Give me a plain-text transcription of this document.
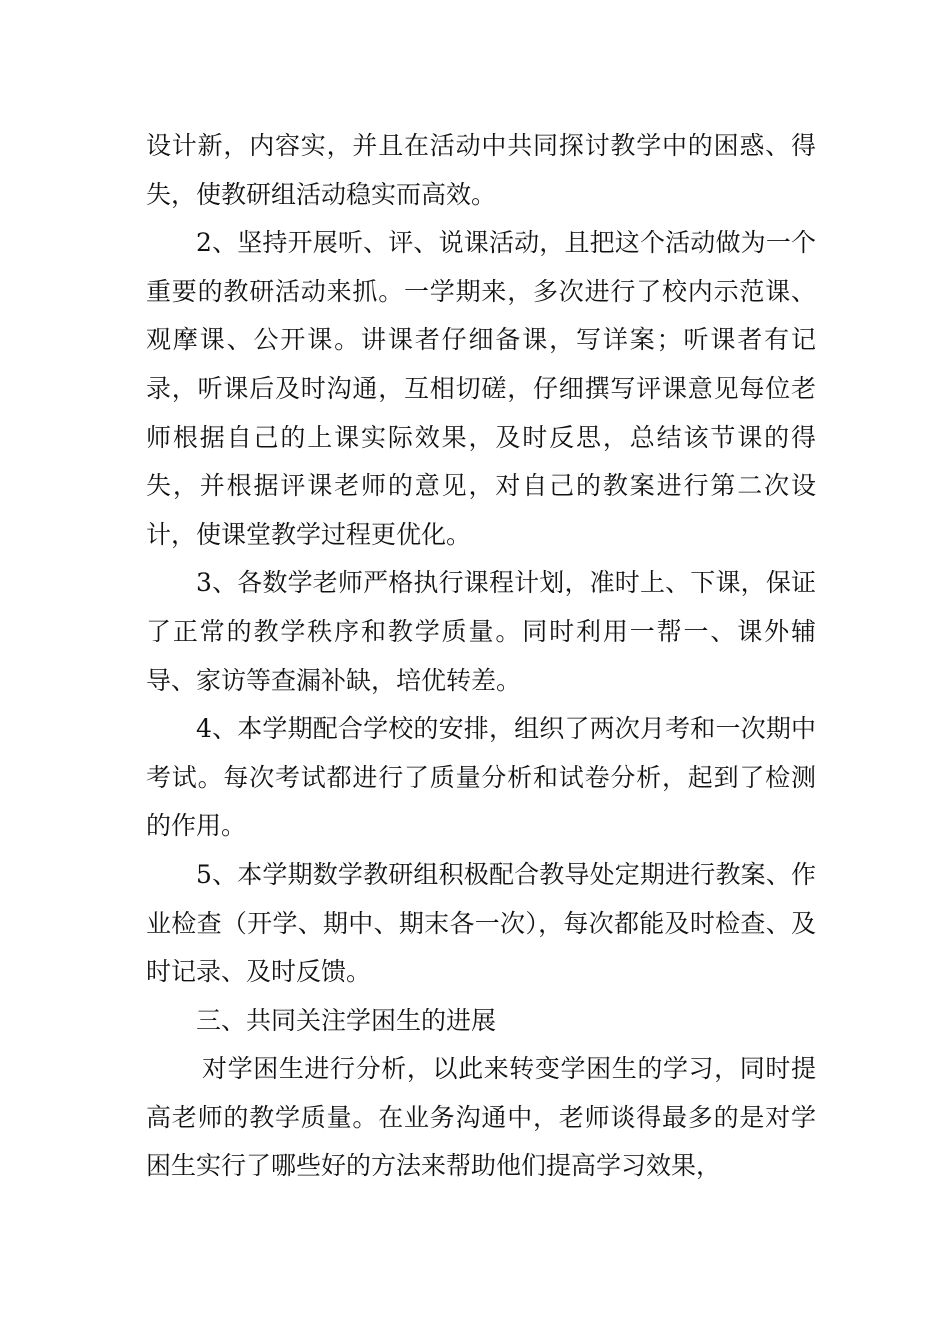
设计新，内容实，并且在活动中共同探讨教学中的困惑、得失，使教研组活动稳实而高效。

2、坚持开展听、评、说课活动，且把这个活动做为一个重要的教研活动来抓。一学期来，多次进行了校内示范课、观摩课、公开课。讲课者仔细备课，写详案；听课者有记录，听课后及时沟通，互相切磋，仔细撰写评课意见每位老师根据自己的上课实际效果，及时反思，总结该节课的得失，并根据评课老师的意见，对自己的教案进行第二次设计，使课堂教学过程更优化。

3、各数学老师严格执行课程计划，准时上、下课，保证了正常的教学秩序和教学质量。同时利用一帮一、课外辅导、家访等查漏补缺，培优转差。

4、本学期配合学校的安排，组织了两次月考和一次期中考试。每次考试都进行了质量分析和试卷分析，起到了检测的作用。

5、本学期数学教研组积极配合教导处定期进行教案、作业检查（开学、期中、期末各一次），每次都能及时检查、及时记录、及时反馈。

三、共同关注学困生的进展

对学困生进行分析，以此来转变学困生的学习，同时提高老师的教学质量。在业务沟通中，老师谈得最多的是对学困生实行了哪些好的方法来帮助他们提高学习效果，
